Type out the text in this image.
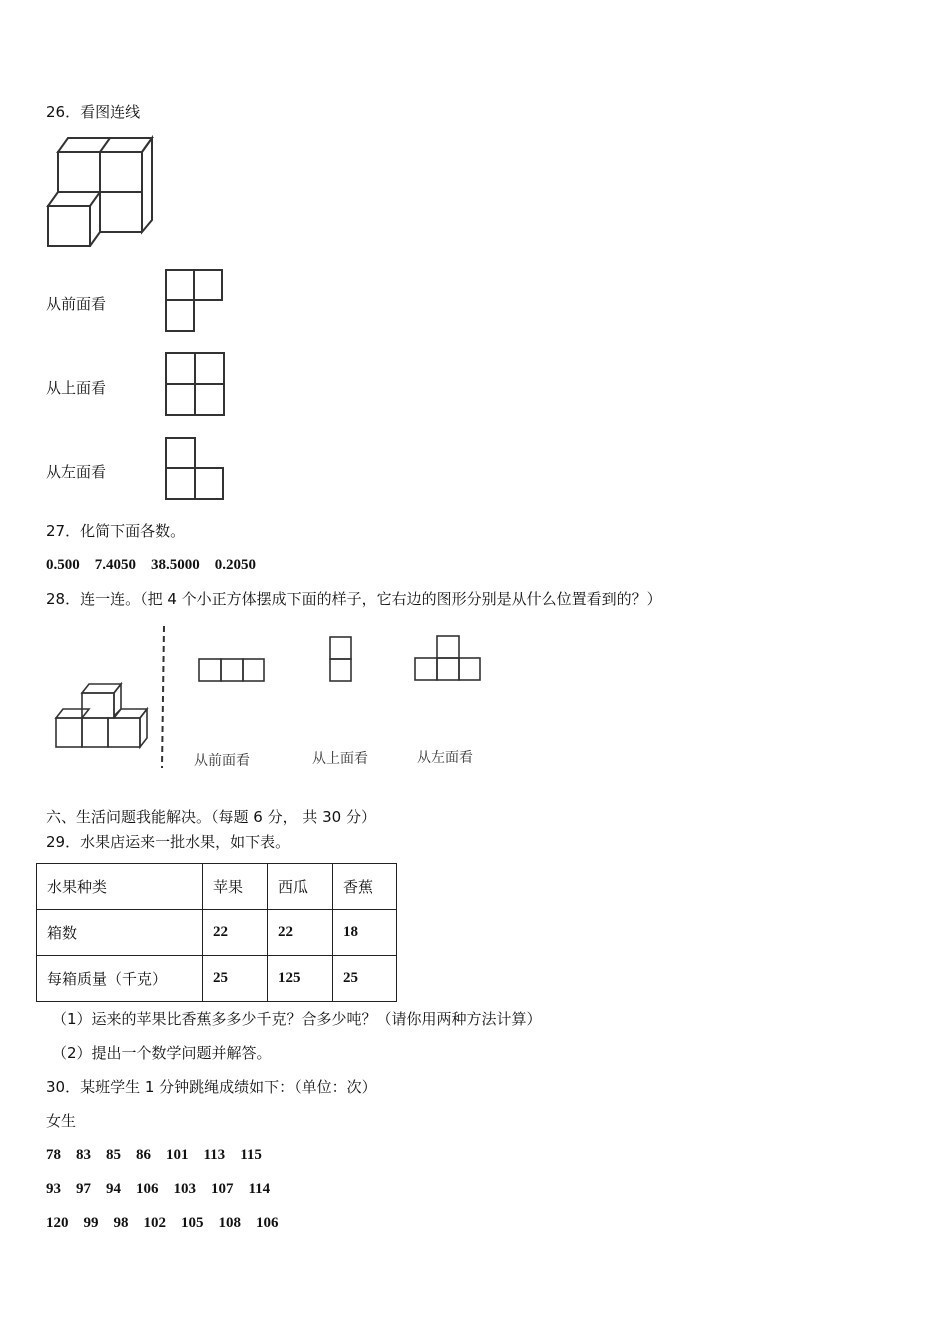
26．看图连线
从前面看
从上面看
从左面看
27．化简下面各数。
0.500 7.4050 38.5000 0.2050
28．连一连。（把 4 个小正方体摆成下面的样子，它右边的图形分别是从什么位置看到的？）
从前面看	从上面看	从左面看
六、生活问题我能解决。（每题 6 分， 共 30 分）
29．水果店运来一批水果，如下表。
水果种类	苹果	西瓜	香蕉
箱数	22	22	18
每箱质量（千克）	25	125	25
（1）运来的苹果比香蕉多多少千克？合多少吨？（请你用两种方法计算）
（2）提出一个数学问题并解答。
30．某班学生 1 分钟跳绳成绩如下：（单位：次）
女生
78 83 85 86 101 113 115
93 97 94 106 103 107 114
120 99 98 102 105 108 106
